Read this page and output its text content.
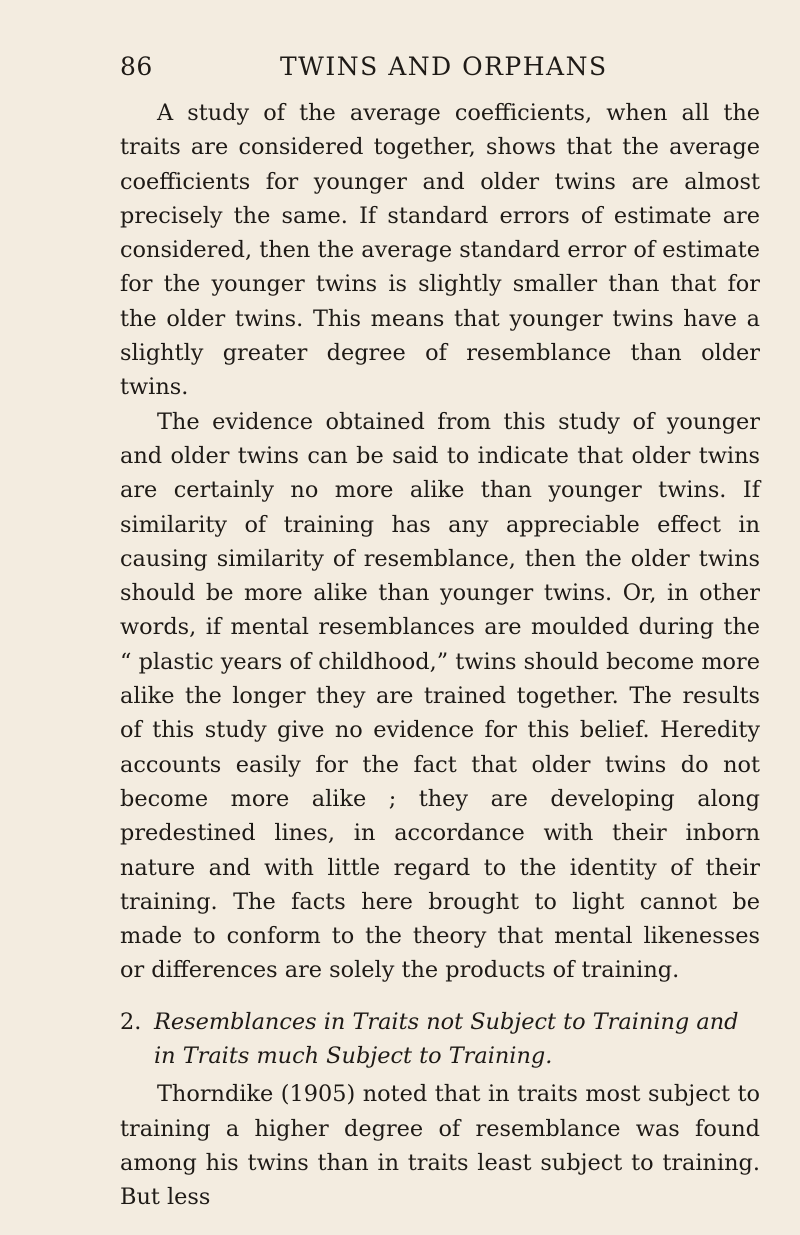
86	TWINS AND ORPHANS

A study of the average coefficients, when all the traits are considered together, shows that the average coefficients for younger and older twins are almost precisely the same. If standard errors of estimate are considered, then the average standard error of estimate for the younger twins is slightly smaller than that for the older twins. This means that younger twins have a slightly greater degree of resemblance than older twins.

The evidence obtained from this study of younger and older twins can be said to indicate that older twins are certainly no more alike than younger twins. If similarity of training has any appreciable effect in causing similarity of resemblance, then the older twins should be more alike than younger twins. Or, in other words, if mental resemblances are moulded during the “ plastic years of childhood,” twins should become more alike the longer they are trained together. The results of this study give no evidence for this belief. Heredity accounts easily for the fact that older twins do not become more alike ; they are developing along predestined lines, in accordance with their inborn nature and with little regard to the identity of their training. The facts here brought to light cannot be made to conform to the theory that mental likenesses or differences are solely the products of training.

2. Resemblances in Traits not Subject to Training and in Traits much Subject to Training.

Thorndike (1905) noted that in traits most subject to training a higher degree of resemblance was found among his twins than in traits least subject to training. But less
